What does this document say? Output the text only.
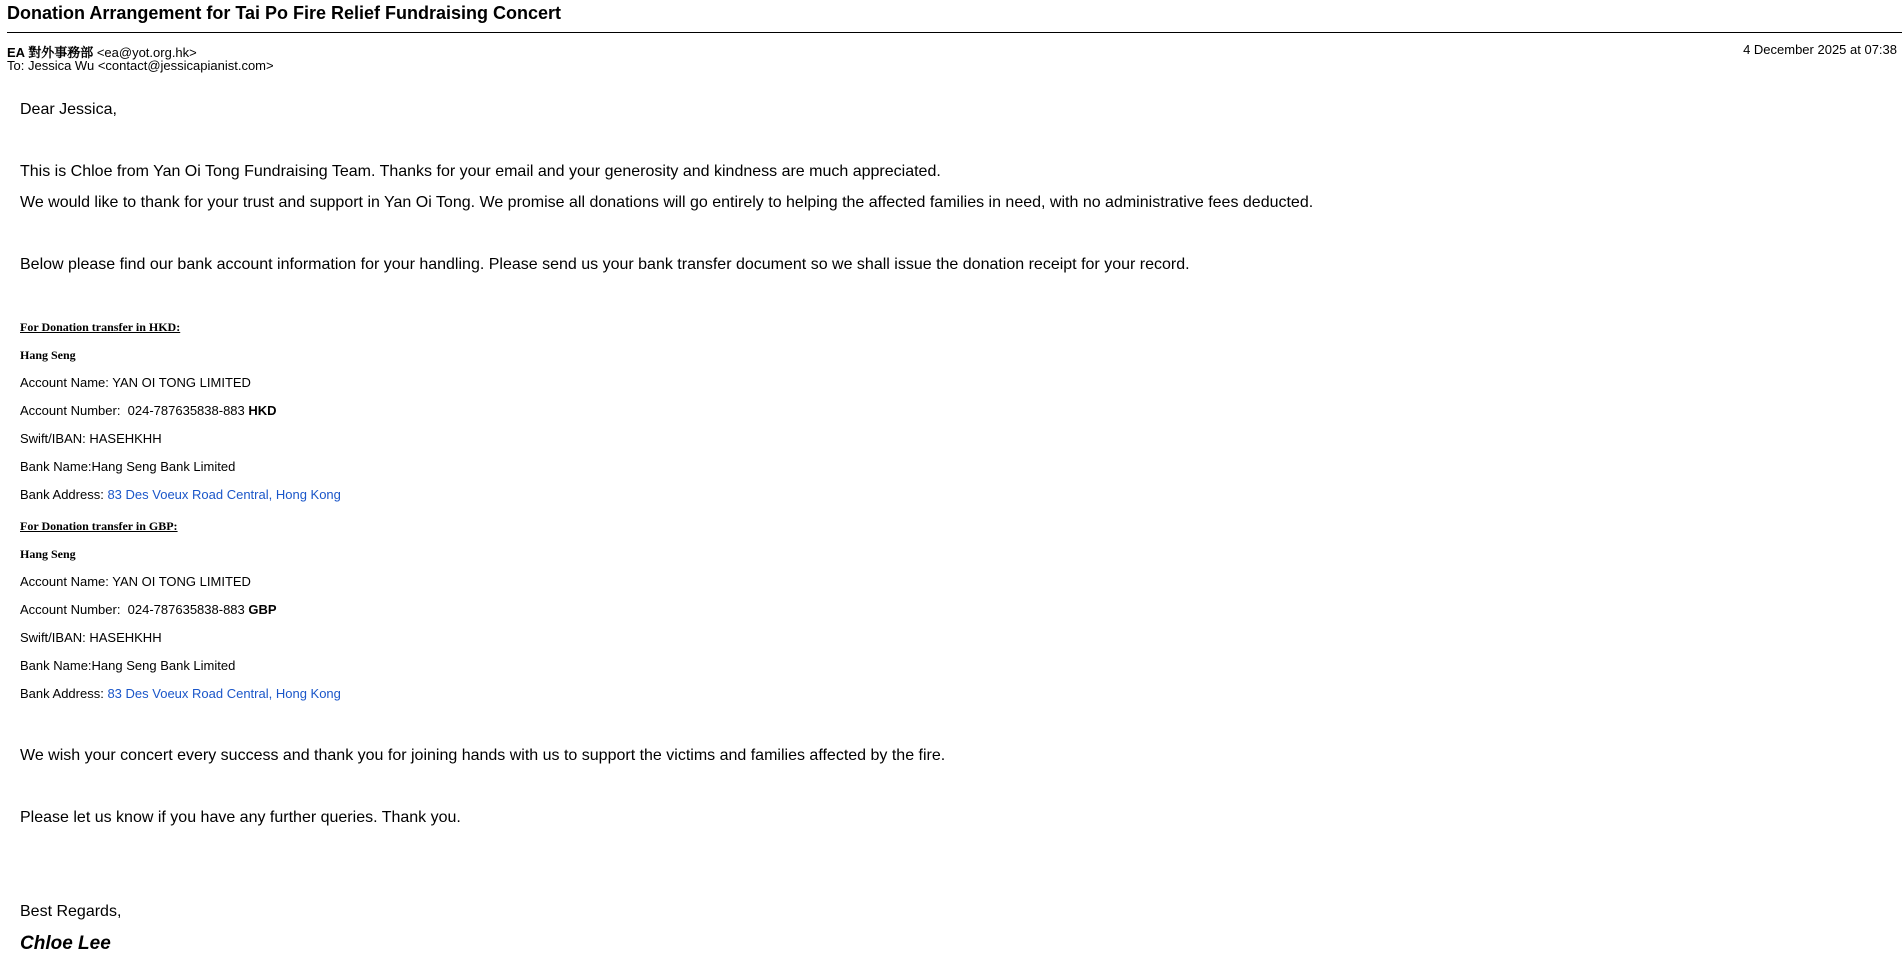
Donation Arrangement for Tai Po Fire Relief Fundraising Concert
EA 對外事務部 <ea@yot.org.hk>	4 December 2025 at 07:38
To: Jessica Wu <contact@jessicapianist.com>
Dear Jessica,
This is Chloe from Yan Oi Tong Fundraising Team. Thanks for your email and your generosity and kindness are much appreciated.
We would like to thank for your trust and support in Yan Oi Tong. We promise all donations will go entirely to helping the affected families in need, with no administrative fees deducted.
Below please find our bank account information for your handling. Please send us your bank transfer document so we shall issue the donation receipt for your record.
For Donation transfer in HKD:
Hang Seng
Account Name: YAN OI TONG LIMITED
Account Number:  024-787635838-883 HKD
Swift/IBAN: HASEHKHH
Bank Name:Hang Seng Bank Limited
Bank Address: 83 Des Voeux Road Central, Hong Kong
For Donation transfer in GBP:
Hang Seng
Account Name: YAN OI TONG LIMITED
Account Number:  024-787635838-883 GBP
Swift/IBAN: HASEHKHH
Bank Name:Hang Seng Bank Limited
Bank Address: 83 Des Voeux Road Central, Hong Kong
We wish your concert every success and thank you for joining hands with us to support the victims and families affected by the fire.
Please let us know if you have any further queries. Thank you.
Best Regards,
Chloe Lee
